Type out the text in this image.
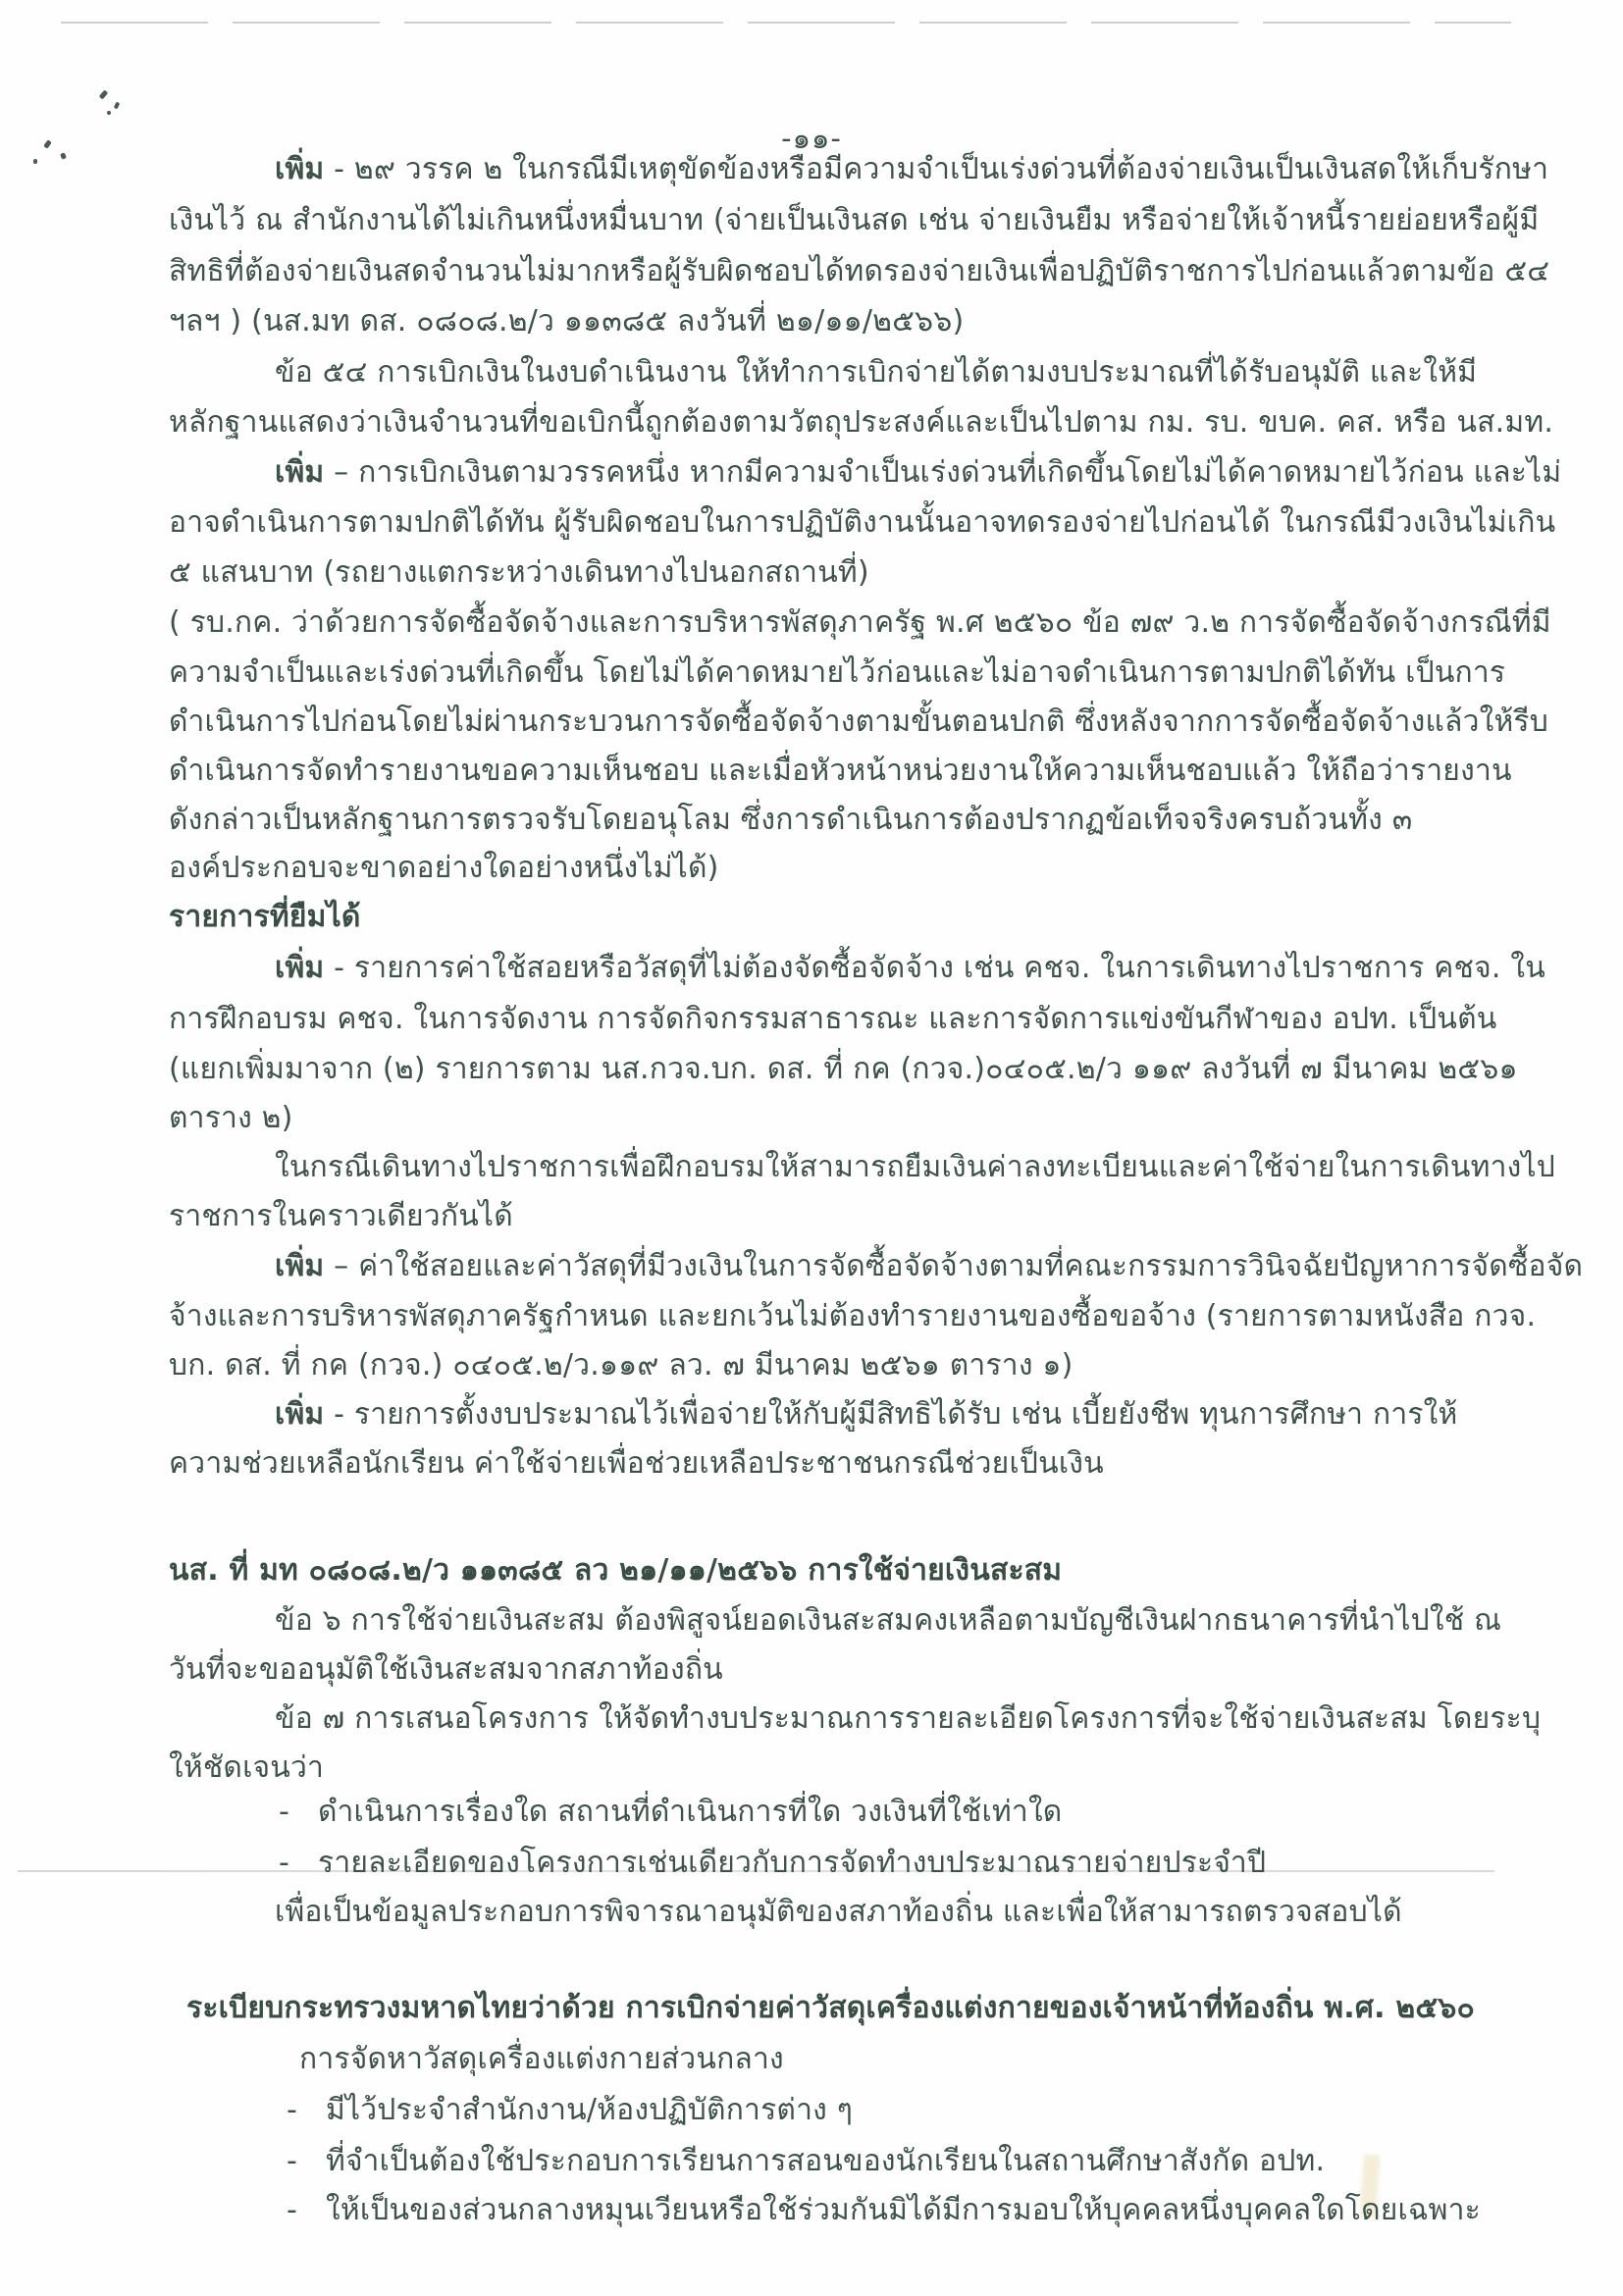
-๑๑-
เพิ่ม - ๒๙ วรรค ๒ ในกรณีมีเหตุขัดข้องหรือมีความจำเป็นเร่งด่วนที่ต้องจ่ายเงินเป็นเงินสดให้เก็บรักษา
เงินไว้ ณ สำนักงานได้ไม่เกินหนึ่งหมื่นบาท (จ่ายเป็นเงินสด เช่น จ่ายเงินยืม หรือจ่ายให้เจ้าหนี้รายย่อยหรือผู้มี
สิทธิที่ต้องจ่ายเงินสดจำนวนไม่มากหรือผู้รับผิดชอบได้ทดรองจ่ายเงินเพื่อปฏิบัติราชการไปก่อนแล้วตามข้อ ๕๔
ฯลฯ ) (นส.มท ดส. ๐๘๐๘.๒/ว ๑๑๓๘๕ ลงวันที่ ๒๑/๑๑/๒๕๖๖)
ข้อ ๕๔ การเบิกเงินในงบดำเนินงาน ให้ทำการเบิกจ่ายได้ตามงบประมาณที่ได้รับอนุมัติ และให้มี
หลักฐานแสดงว่าเงินจำนวนที่ขอเบิกนี้ถูกต้องตามวัตถุประสงค์และเป็นไปตาม กม. รบ. ขบค. คส. หรือ นส.มท.
เพิ่ม – การเบิกเงินตามวรรคหนึ่ง หากมีความจำเป็นเร่งด่วนที่เกิดขึ้นโดยไม่ได้คาดหมายไว้ก่อน และไม่
อาจดำเนินการตามปกติได้ทัน ผู้รับผิดชอบในการปฏิบัติงานนั้นอาจทดรองจ่ายไปก่อนได้ ในกรณีมีวงเงินไม่เกิน
๕ แสนบาท (รถยางแตกระหว่างเดินทางไปนอกสถานที่)
( รบ.กค. ว่าด้วยการจัดซื้อจัดจ้างและการบริหารพัสดุภาครัฐ พ.ศ ๒๕๖๐ ข้อ ๗๙ ว.๒ การจัดซื้อจัดจ้างกรณีที่มี
ความจำเป็นและเร่งด่วนที่เกิดขึ้น โดยไม่ได้คาดหมายไว้ก่อนและไม่อาจดำเนินการตามปกติได้ทัน เป็นการ
ดำเนินการไปก่อนโดยไม่ผ่านกระบวนการจัดซื้อจัดจ้างตามขั้นตอนปกติ ซึ่งหลังจากการจัดซื้อจัดจ้างแล้วให้รีบ
ดำเนินการจัดทำรายงานขอความเห็นชอบ และเมื่อหัวหน้าหน่วยงานให้ความเห็นชอบแล้ว ให้ถือว่ารายงาน
ดังกล่าวเป็นหลักฐานการตรวจรับโดยอนุโลม ซึ่งการดำเนินการต้องปรากฏข้อเท็จจริงครบถ้วนทั้ง ๓
องค์ประกอบจะขาดอย่างใดอย่างหนึ่งไม่ได้)
รายการที่ยืมได้
เพิ่ม - รายการค่าใช้สอยหรือวัสดุที่ไม่ต้องจัดซื้อจัดจ้าง เช่น คชจ. ในการเดินทางไปราชการ คชจ. ใน
การฝึกอบรม คชจ. ในการจัดงาน การจัดกิจกรรมสาธารณะ และการจัดการแข่งขันกีฬาของ อปท. เป็นต้น
(แยกเพิ่มมาจาก (๒) รายการตาม นส.กวจ.บก. ดส. ที่ กค (กวจ.)๐๔๐๕.๒/ว ๑๑๙ ลงวันที่ ๗ มีนาคม ๒๕๖๑
ตาราง ๒)
ในกรณีเดินทางไปราชการเพื่อฝึกอบรมให้สามารถยืมเงินค่าลงทะเบียนและค่าใช้จ่ายในการเดินทางไป
ราชการในคราวเดียวกันได้
เพิ่ม – ค่าใช้สอยและค่าวัสดุที่มีวงเงินในการจัดซื้อจัดจ้างตามที่คณะกรรมการวินิจฉัยปัญหาการจัดซื้อจัด
จ้างและการบริหารพัสดุภาครัฐกำหนด และยกเว้นไม่ต้องทำรายงานของซื้อขอจ้าง (รายการตามหนังสือ กวจ.
บก. ดส. ที่ กค (กวจ.) ๐๔๐๕.๒/ว.๑๑๙ ลว. ๗ มีนาคม ๒๕๖๑ ตาราง ๑)
เพิ่ม - รายการตั้งงบประมาณไว้เพื่อจ่ายให้กับผู้มีสิทธิได้รับ เช่น เบี้ยยังชีพ ทุนการศึกษา การให้
ความช่วยเหลือนักเรียน ค่าใช้จ่ายเพื่อช่วยเหลือประชาชนกรณีช่วยเป็นเงิน
นส. ที่ มท ๐๘๐๘.๒/ว ๑๑๓๘๕ ลว ๒๑/๑๑/๒๕๖๖ การใช้จ่ายเงินสะสม
ข้อ ๖ การใช้จ่ายเงินสะสม ต้องพิสูจน์ยอดเงินสะสมคงเหลือตามบัญชีเงินฝากธนาคารที่นำไปใช้ ณ
วันที่จะขออนุมัติใช้เงินสะสมจากสภาท้องถิ่น
ข้อ ๗ การเสนอโครงการ ให้จัดทำงบประมาณการรายละเอียดโครงการที่จะใช้จ่ายเงินสะสม โดยระบุ
ให้ชัดเจนว่า
- ดำเนินการเรื่องใด สถานที่ดำเนินการที่ใด วงเงินที่ใช้เท่าใด
- รายละเอียดของโครงการเช่นเดียวกับการจัดทำงบประมาณรายจ่ายประจำปี
เพื่อเป็นข้อมูลประกอบการพิจารณาอนุมัติของสภาท้องถิ่น และเพื่อให้สามารถตรวจสอบได้
ระเบียบกระทรวงมหาดไทยว่าด้วย การเบิกจ่ายค่าวัสดุเครื่องแต่งกายของเจ้าหน้าที่ท้องถิ่น พ.ศ. ๒๕๖๐
การจัดหาวัสดุเครื่องแต่งกายส่วนกลาง
- มีไว้ประจำสำนักงาน/ห้องปฏิบัติการต่าง ๆ
- ที่จำเป็นต้องใช้ประกอบการเรียนการสอนของนักเรียนในสถานศึกษาสังกัด อปท.
- ให้เป็นของส่วนกลางหมุนเวียนหรือใช้ร่วมกันมิได้มีการมอบให้บุคคลหนึ่งบุคคลใดโดยเฉพาะ
